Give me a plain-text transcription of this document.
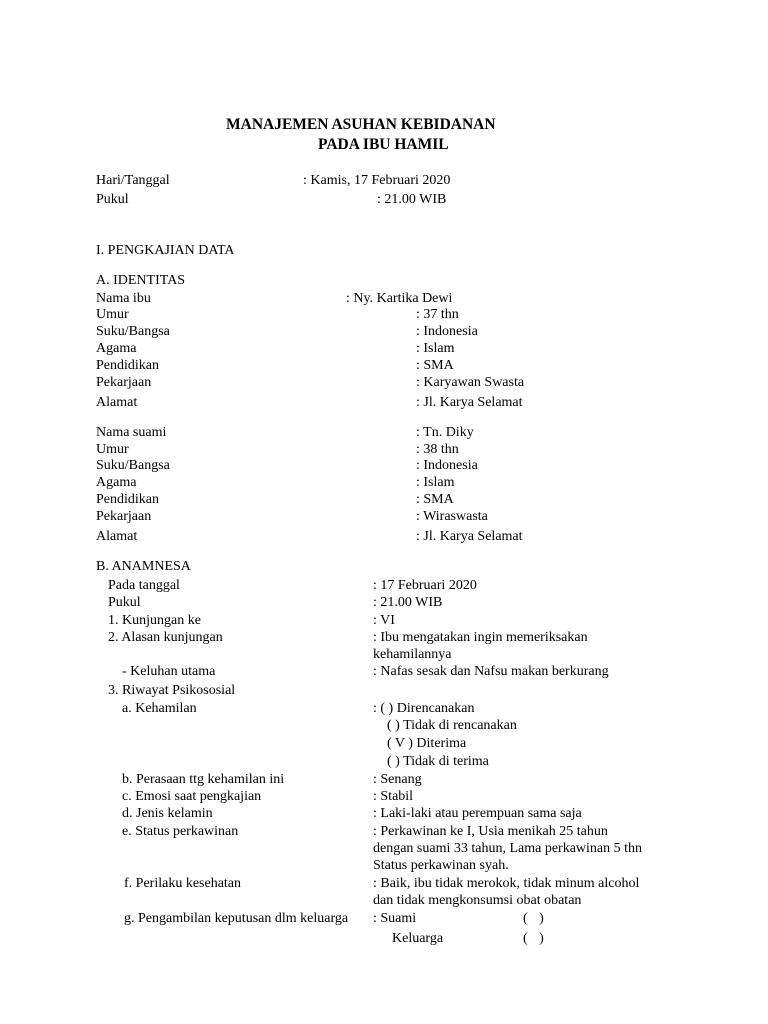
MANAJEMEN ASUHAN KEBIDANAN
PADA IBU HAMIL
Hari/Tanggal	: Kamis, 17 Februari 2020
Pukul	: 21.00 WIB
I. PENGKAJIAN DATA
A. IDENTITAS
Nama ibu	: Ny. Kartika Dewi
Umur	: 37 thn
Suku/Bangsa	: Indonesia
Agama	: Islam
Pendidikan	: SMA
Pekarjaan	: Karyawan Swasta
Alamat	: Jl. Karya Selamat
Nama suami	: Tn. Diky
Umur	: 38 thn
Suku/Bangsa	: Indonesia
Agama	: Islam
Pendidikan	: SMA
Pekarjaan	: Wiraswasta
Alamat	: Jl. Karya Selamat
B. ANAMNESA
Pada tanggal	: 17 Februari 2020
Pukul	: 21.00 WIB
1. Kunjungan ke	: VI
2. Alasan kunjungan	: Ibu mengatakan ingin memeriksakan
kehamilannya
- Keluhan utama	: Nafas sesak dan Nafsu makan berkurang
3. Riwayat Psikososial
a. Kehamilan	: ( ) Direncanakan
( ) Tidak di rencanakan
( V ) Diterima
( ) Tidak di terima
b. Perasaan ttg kehamilan ini	: Senang
c. Emosi saat pengkajian	: Stabil
d. Jenis kelamin	: Laki-laki atau perempuan sama saja
e. Status perkawinan	: Perkawinan ke I, Usia menikah 25 tahun
dengan suami 33 tahun, Lama perkawinan 5 thn
Status perkawinan syah.
f. Perilaku kesehatan	: Baik, ibu tidak merokok, tidak minum alcohol
dan tidak mengkonsumsi obat obatan
g. Pengambilan keputusan dlm keluarga : Suami	( )
Keluarga	( )
